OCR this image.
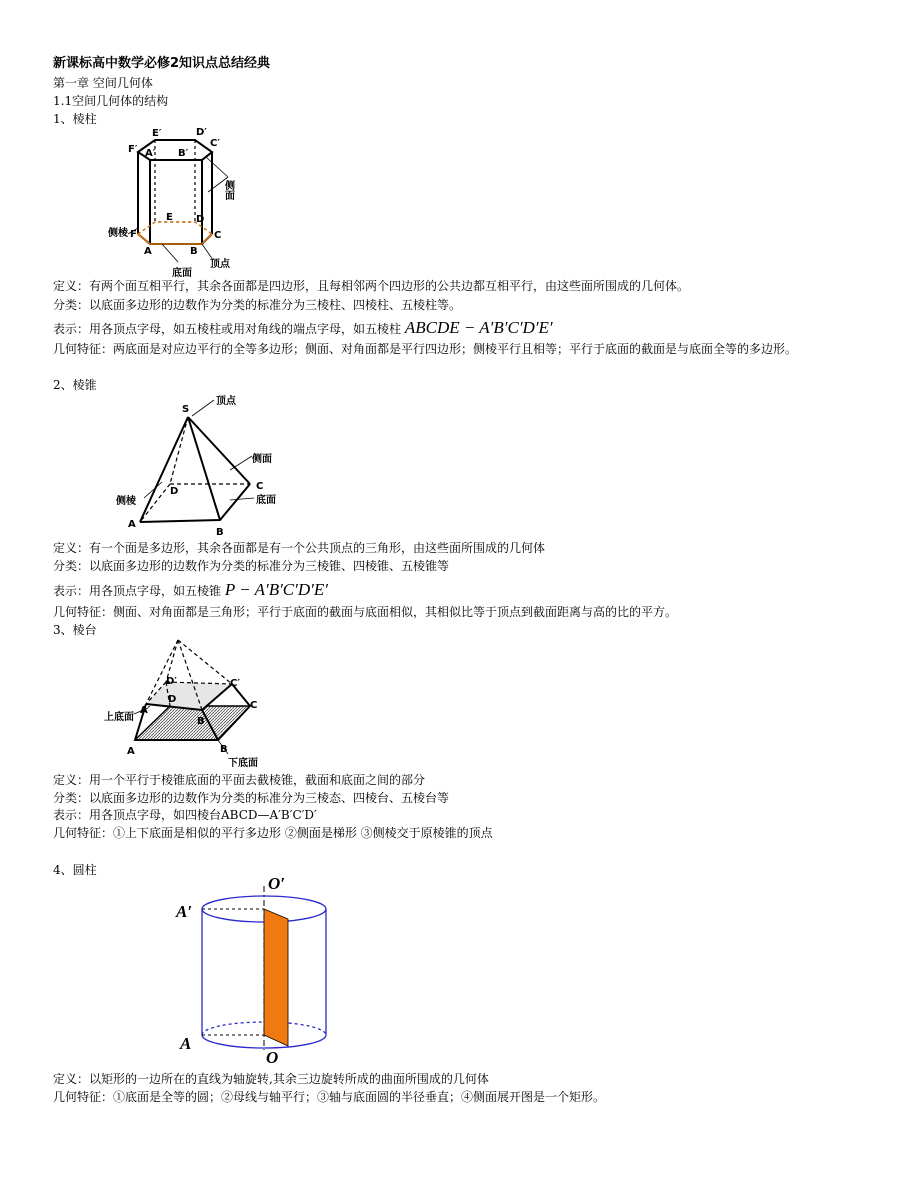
新课标高中数学必修2知识点总结经典
第一章 空间几何体
1.1空间几何体的结构
1、棱柱
E′	D′
F′ A′ B′
C′
侧面
E D
侧棱 F
A	B
C
顶点
底面
定义：有两个面互相平行，其余各面都是四边形，且每相邻两个四边形的公共边都互相平行，由这些面所围成的几何体。
分类：以底面多边形的边数作为分类的标准分为三棱柱、四棱柱、五棱柱等。
表示：用各顶点字母，如五棱柱或用对角线的端点字母，如五棱柱 ABCDE − A′B′C′D′E′
几何特征：两底面是对应边平行的全等多边形；侧面、对角面都是平行四边形；侧棱平行且相等；平行于底面的截面是与底面全等的多边形。
2、棱锥
S
顶点
侧面
D	C
侧棱	底面
A
B
定义：有一个面是多边形，其余各面都是有一个公共顶点的三角形，由这些面所围成的几何体
分类：以底面多边形的边数作为分类的标准分为三棱锥、四棱锥、五棱锥等
表示：用各顶点字母，如五棱锥 P − A′B′C′D′E′
几何特征：侧面、对角面都是三角形；平行于底面的截面与底面相似，其相似比等于顶点到截面距离与高的比的平方。
3、棱台
D′	C′
D
A′	C
上底面	B′
A	B
下底面
定义：用一个平行于棱锥底面的平面去截棱锥，截面和底面之间的部分
分类：以底面多边形的边数作为分类的标准分为三棱态、四棱台、五棱台等
表示：用各顶点字母，如四棱台ABCD—A′B′C′D′
几何特征：①上下底面是相似的平行多边形 ②侧面是梯形 ③侧棱交于原棱锥的顶点
4、圆柱
O′
A′
A
O
定义：以矩形的一边所在的直线为轴旋转,其余三边旋转所成的曲面所围成的几何体
几何特征：①底面是全等的圆；②母线与轴平行；③轴与底面圆的半径垂直；④侧面展开图是一个矩形。
